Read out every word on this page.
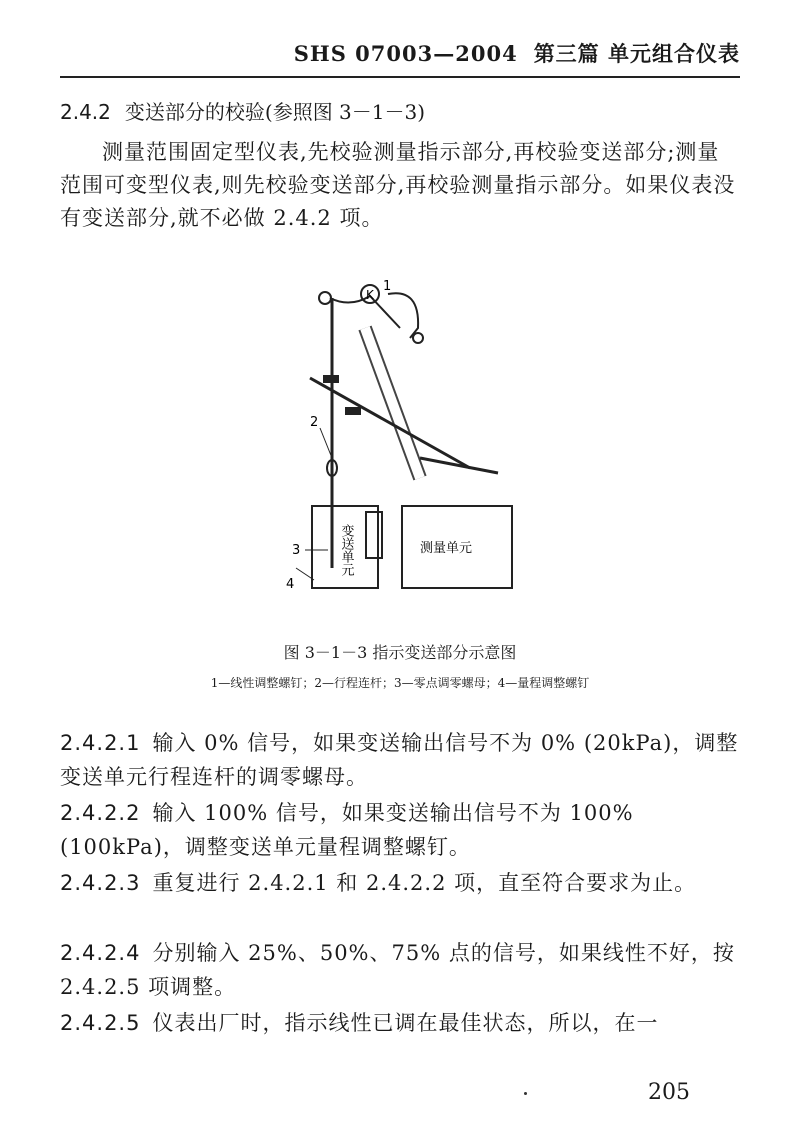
SHS 07003—2004 第三篇 单元组合仪表
2.4.2 变送部分的校验(参照图 3－1－3)

测量范围固定型仪表,先校验测量指示部分,再校验变送部分;测量范围可变型仪表,则先校验变送部分,再校验测量指示部分。如果仪表没有变送部分,就不必做 2.4.2 项。

K
1
2
3
4
变送单元	测量单元
图 3－1－3 指示变送部分示意图
1—线性调整螺钉；2—行程连杆；3—零点调零螺母；4—量程调整螺钉
2.4.2.1 输入 0% 信号，如果变送输出信号不为 0% (20kPa)，调整变送单元行程连杆的调零螺母。
2.4.2.2 输入 100% 信号，如果变送输出信号不为 100% (100kPa)，调整变送单元量程调整螺钉。
2.4.2.3 重复进行 2.4.2.1 和 2.4.2.2 项，直至符合要求为止。
2.4.2.4 分别输入 25%、50%、75% 点的信号，如果线性不好，按 2.4.2.5 项调整。
2.4.2.5 仪表出厂时，指示线性已调在最佳状态，所以，在一
205
